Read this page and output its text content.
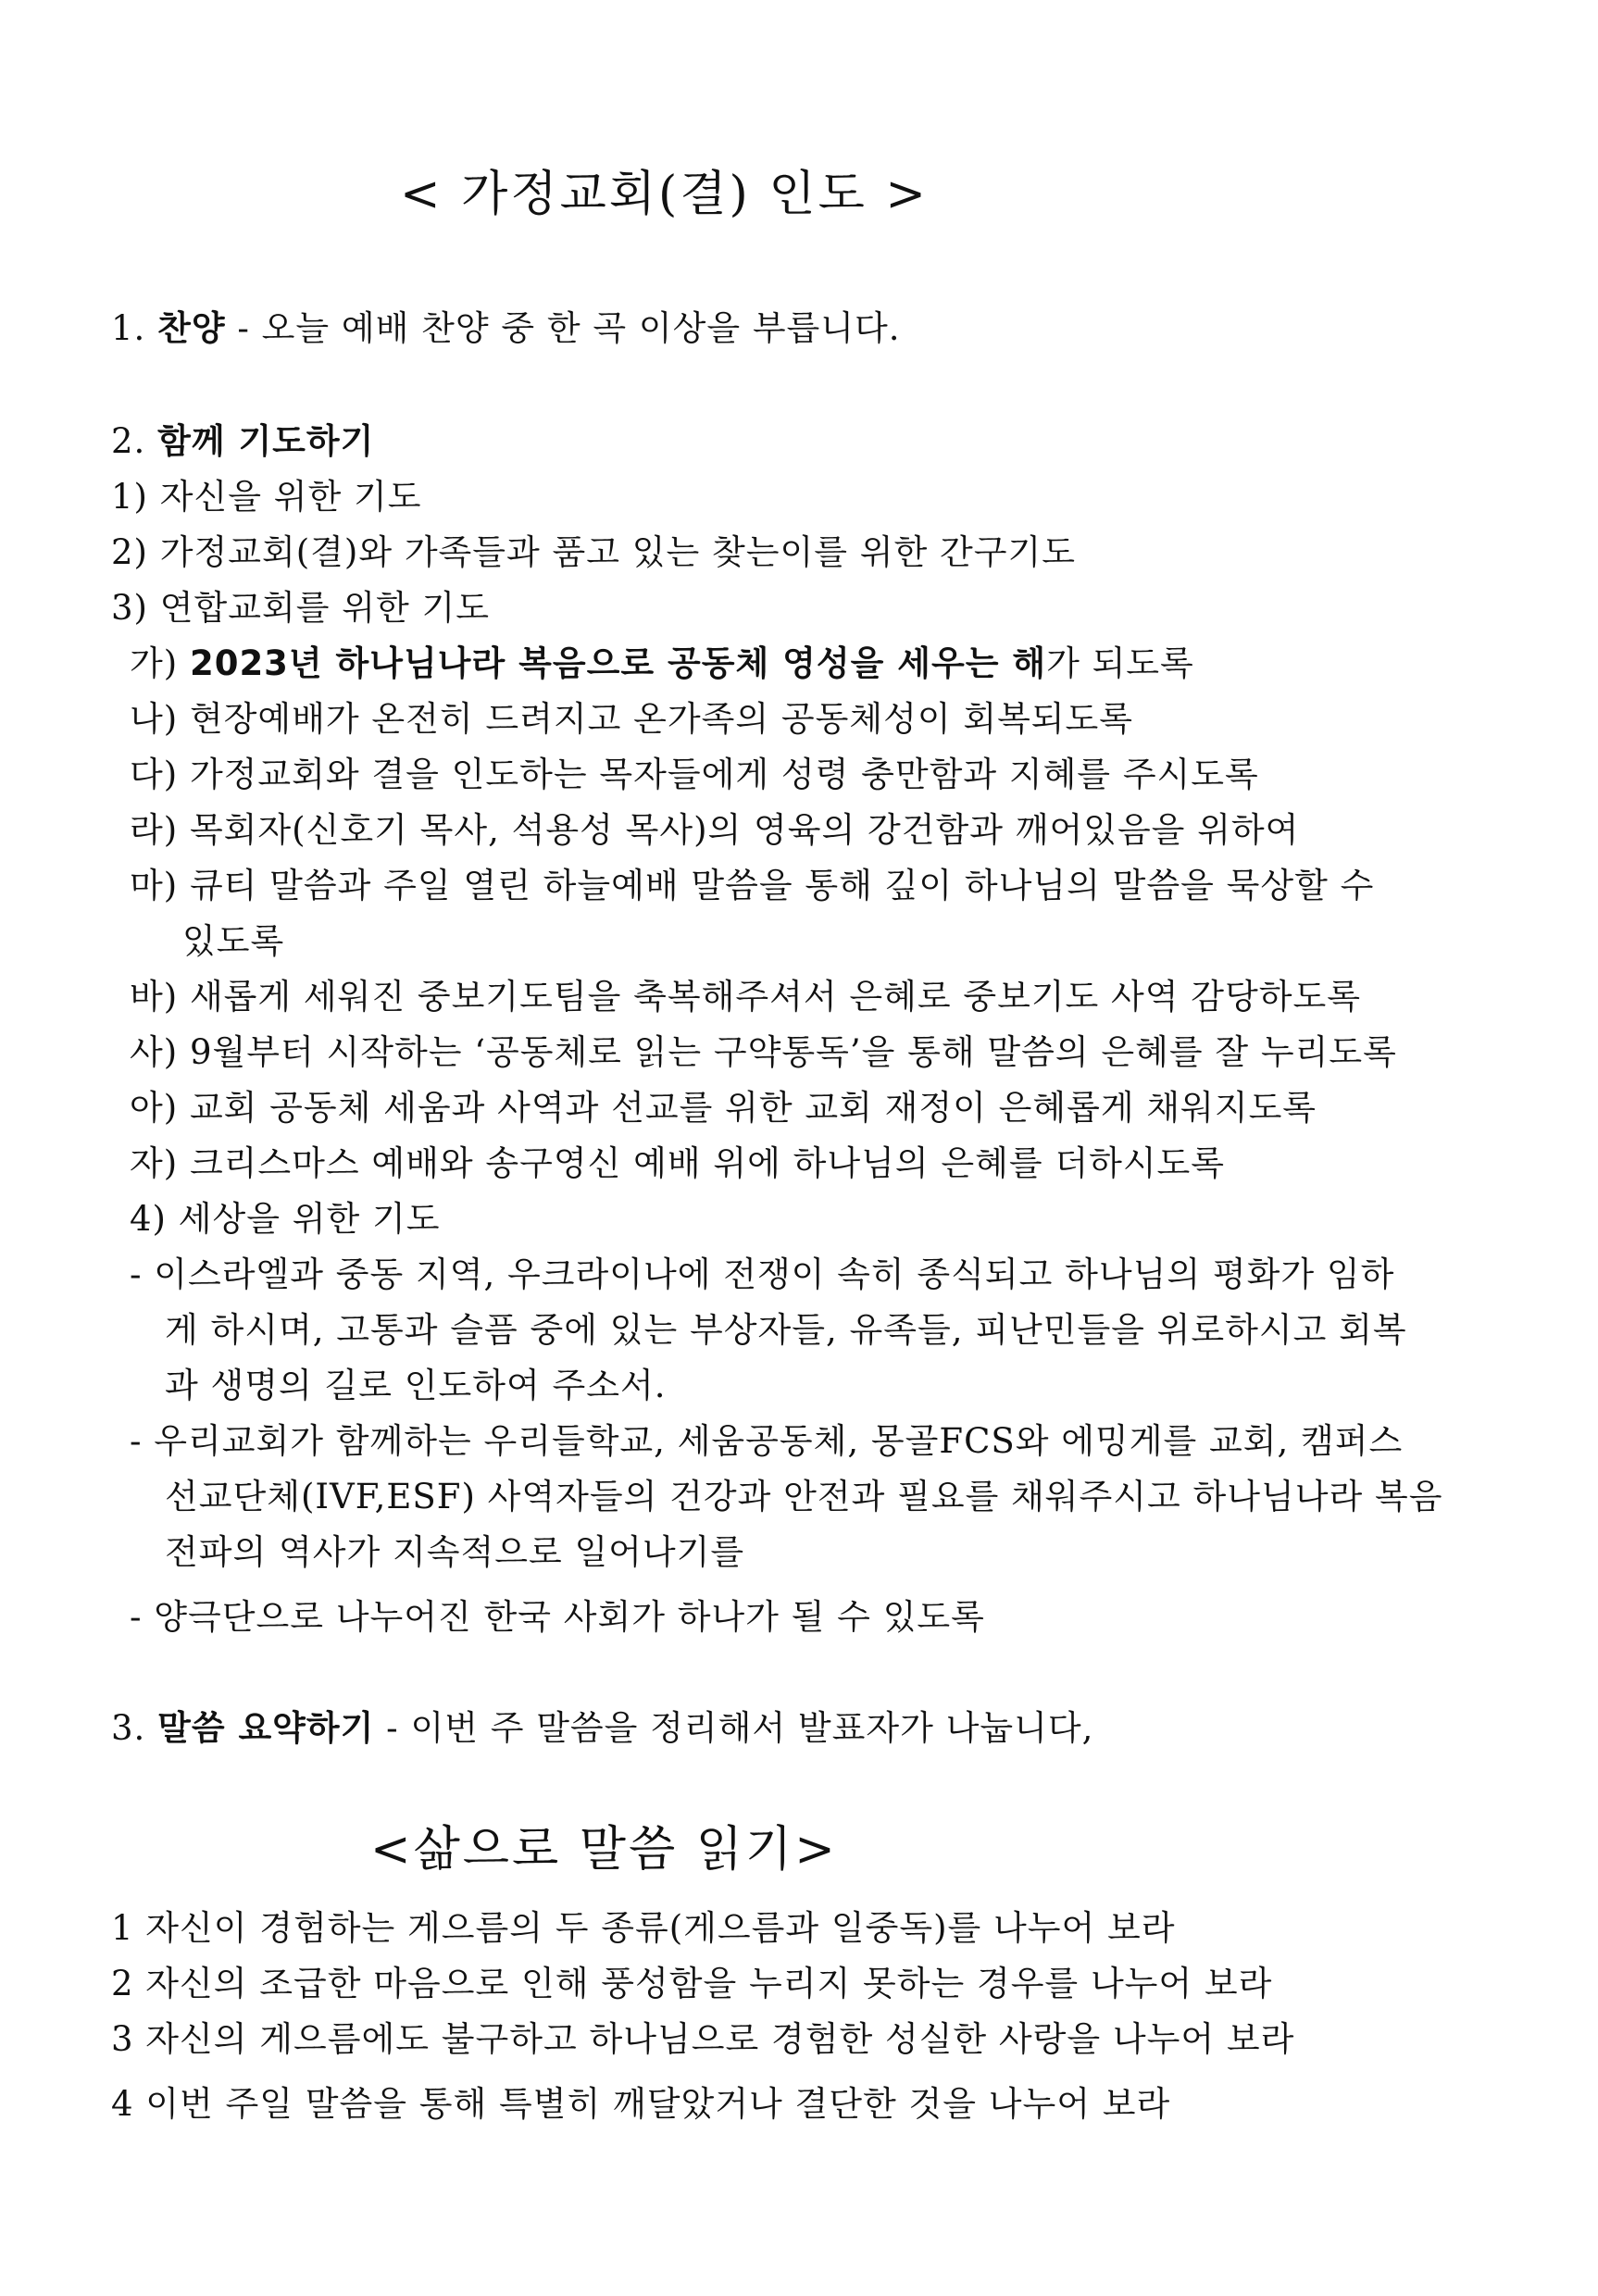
< 가정교회(결) 인도 >
1. 찬양 - 오늘 예배 찬양 중 한 곡 이상을 부릅니다.
2. 함께 기도하기
1) 자신을 위한 기도
2) 가정교회(결)와 가족들과 품고 있는 찾는이를 위한 간구기도
3) 연합교회를 위한 기도
가) 2023년 하나님나라 복음으로 공동체 영성을 세우는 해가 되도록
나) 현장예배가 온전히 드려지고 온가족의 공동체성이 회복되도록
다) 가정교회와 결을 인도하는 목자들에게 성령 충만함과 지혜를 주시도록
라) 목회자(신호기 목사, 석용성 목사)의 영육의 강건함과 깨어있음을 위하여
마) 큐티 말씀과 주일 열린 하늘예배 말씀을 통해 깊이 하나님의 말씀을 묵상할 수
있도록
바) 새롭게 세워진 중보기도팀을 축복해주셔서 은혜로 중보기도 사역 감당하도록
사) 9월부터 시작하는 ‘공동체로 읽는 구약통독’을 통해 말씀의 은혜를 잘 누리도록
아) 교회 공동체 세움과 사역과 선교를 위한 교회 재정이 은혜롭게 채워지도록
자) 크리스마스 예배와 송구영신 예배 위에 하나님의 은혜를 더하시도록
4) 세상을 위한 기도
- 이스라엘과 중동 지역, 우크라이나에 전쟁이 속히 종식되고 하나님의 평화가 임하
게 하시며, 고통과 슬픔 중에 있는 부상자들, 유족들, 피난민들을 위로하시고 회복
과 생명의 길로 인도하여 주소서.
- 우리교회가 함께하는 우리들학교, 세움공동체, 몽골FCS와 에밍게를 교회, 캠퍼스
선교단체(IVF,ESF) 사역자들의 건강과 안전과 필요를 채워주시고 하나님나라 복음
전파의 역사가 지속적으로 일어나기를
- 양극단으로 나누어진 한국 사회가 하나가 될 수 있도록
3. 말씀 요약하기 - 이번 주 말씀을 정리해서 발표자가 나눕니다,
<삶으로 말씀 읽기>
1 자신이 경험하는 게으름의 두 종류(게으름과 일중독)를 나누어 보라
2 자신의 조급한 마음으로 인해 풍성함을 누리지 못하는 경우를 나누어 보라
3 자신의 게으름에도 불구하고 하나님으로 경험한 성실한 사랑을 나누어 보라
4 이번 주일 말씀을 통해 특별히 깨달았거나 결단한 것을 나누어 보라
